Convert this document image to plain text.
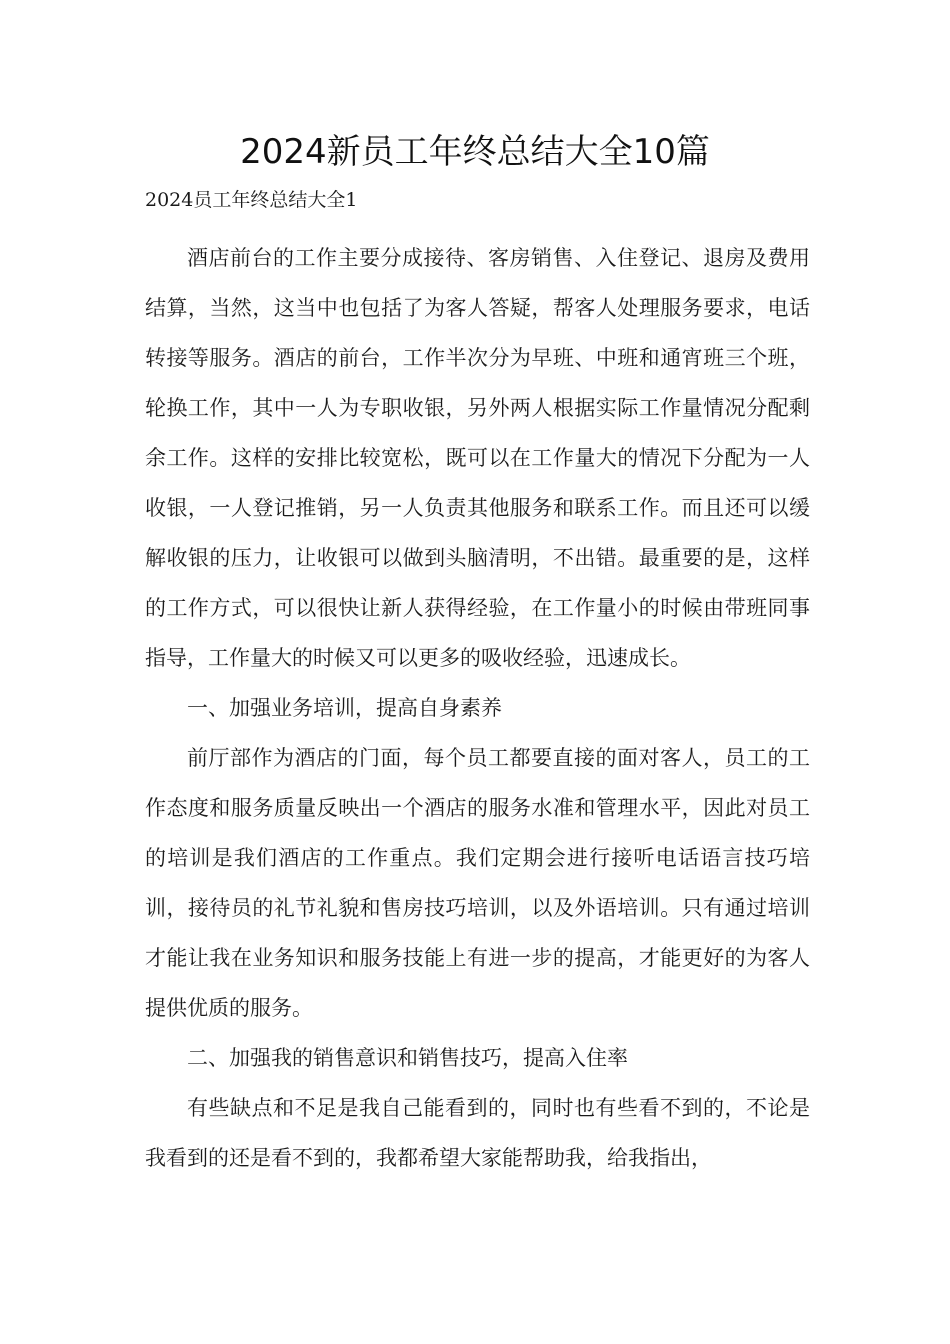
2024新员工年终总结大全10篇

2024员工年终总结大全1

酒店前台的工作主要分成接待、客房销售、入住登记、退房及费用结算，当然，这当中也包括了为客人答疑，帮客人处理服务要求，电话转接等服务。酒店的前台，工作半次分为早班、中班和通宵班三个班，轮换工作，其中一人为专职收银，另外两人根据实际工作量情况分配剩余工作。这样的安排比较宽松，既可以在工作量大的情况下分配为一人收银，一人登记推销，另一人负责其他服务和联系工作。而且还可以缓解收银的压力，让收银可以做到头脑清明，不出错。最重要的是，这样的工作方式，可以很快让新人获得经验，在工作量小的时候由带班同事指导，工作量大的时候又可以更多的吸收经验，迅速成长。

一、加强业务培训，提高自身素养

前厅部作为酒店的门面，每个员工都要直接的面对客人，员工的工作态度和服务质量反映出一个酒店的服务水准和管理水平，因此对员工的培训是我们酒店的工作重点。我们定期会进行接听电话语言技巧培训，接待员的礼节礼貌和售房技巧培训，以及外语培训。只有通过培训才能让我在业务知识和服务技能上有进一步的提高，才能更好的为客人提供优质的服务。

二、加强我的销售意识和销售技巧，提高入住率

有些缺点和不足是我自己能看到的，同时也有些看不到的，不论是我看到的还是看不到的，我都希望大家能帮助我，给我指出，
